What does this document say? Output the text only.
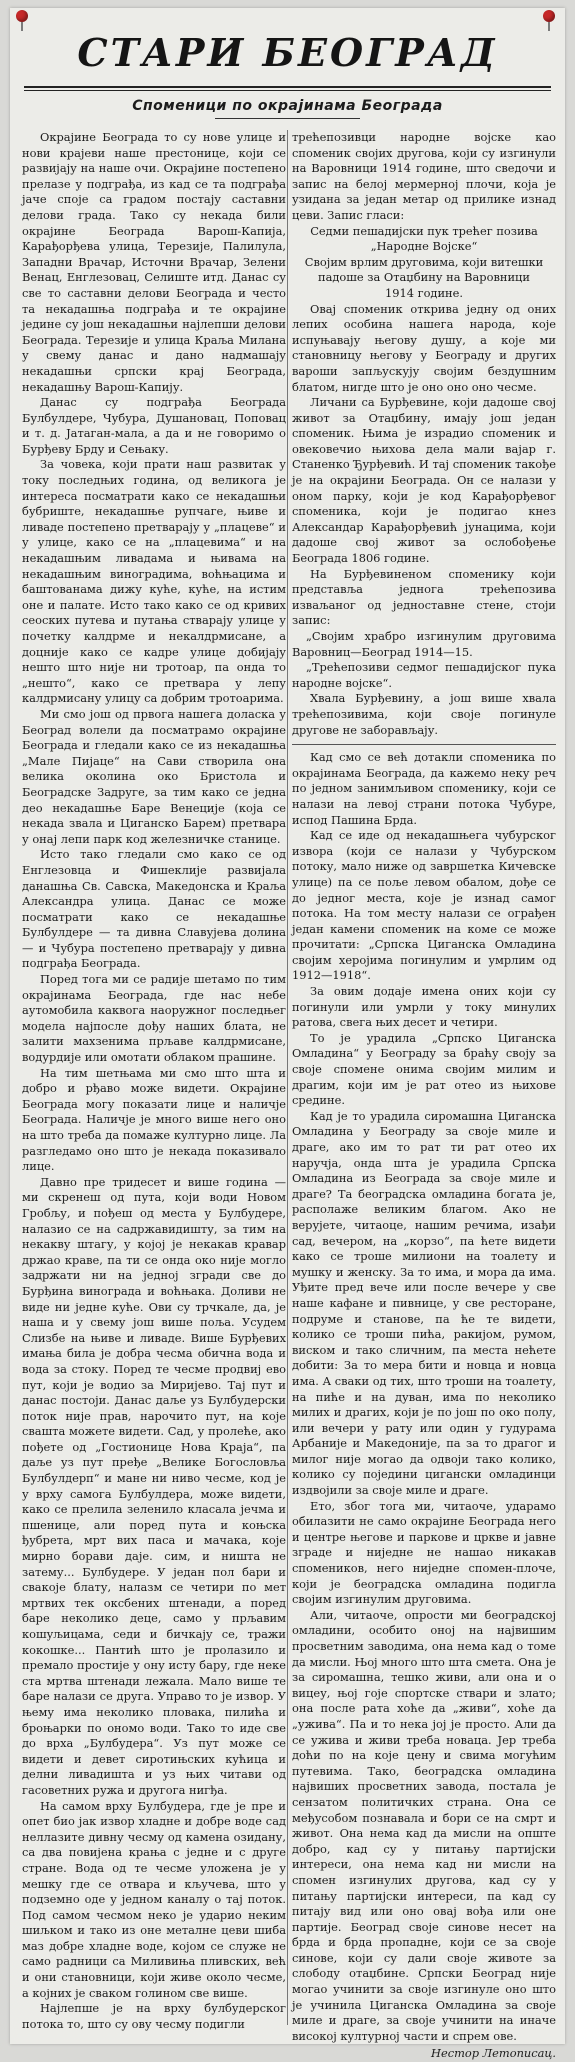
СТАРИ БЕОГРАД
Споменици по окрајинама Београда

Окрајине Београда то су нове улице и нови крајеви наше престонице, који се развијају на наше очи. Окрајине постепено прелазе у подграђа, из кад се та подграђа јаче споје са градом постају саставни делови града. Тако су некада били окрајине Београда Варош-Капија, Карађорђева улица, Терезије, Палилула, Западни Врачар, Источни Врачар, Зелени Венац, Енглезовац, Селиште итд. Данас су све то саставни делови Београда и често та некадашња подграђа и те окрајине једине су још некадашњи најлепши делови Београда. Терезије и улица Краља Милана у свему данас и дано надмашају некадашњи српски крај Београда, некадашњу Варош-Капију.

Данас су подграђа Београда Булбулдере, Чубура, Душановац, Поповац и т. д. Јатаган-мала, а да и не говоримо о Бурђеву Брду и Сењаку.

За човека, који прати наш развитак у току последњих година, од великога је интереса посматрати како се некадашњи бубриште, некадашње рупчаге, њиве и ливаде постепено претварају у „плацеве“ и у улице, како се на „плацевима“ и на некадашњим ливадама и њивама на некадашњим виноградима, воћњацима и баштованама дижу куће, куће, на истим оне и палате. Исто тако како се од кривих сеоских путева и путања стварају улице у почетку калдрме и некалдрмисане, а доцније како се кадре улице добијају нешто што није ни тротоар, па онда то „нешто“, како се претвара у лепу калдрмисану улицу са добрим тротоарима.

Ми смо још од првога нашега доласка у Београд волели да посматрамо окрајине Београда и гледали како се из некадашња „Мале Пијаце“ на Сави створила она велика околина око Бристола и Београдске Задруге, за тим како се једна део некадашње Баре Венеције (која се некада звала и Циганско Барем) претвара у онај лепи парк код железничке станице.

Исто тако гледали смо како се од Енглезовца и Фишеклије развијала данашња Св. Савска, Македонска и Краља Александра улица. Данас се може посматрати како се некадашње Булбулдере — та дивна Славујева долина — и Чубура постепено претварају у дивна подграђа Београда.

Поред тога ми се радије шетамо по тим окрајинама Београда, где нас небе аутомобила каквога наоружног последњег модела најпосле дођу наших блата, не залити махзенима прљаве калдрмисане, водурдије или омотати облаком прашине.

На тим шетњама ми смо што шта и добро и рђаво може видети. Окрајине Београда могу показати лице и наличје Београда. Наличје је много више него оно на што треба да помаже културно лице. Ла разгледамо оно што је некада показивало лице.

Давно пре тридесет и више година — ми скренеш од пута, који води Новом Гробљу, и пођеш од места у Булбудере, налазио се на садржавидишту, за тим на некакву штагу, у којој је некакав кравар држао краве, па ти се онда око није могло задржати ни на једној згради све до Бурђина винограда и воћњака. Доливи не виде ни једне куће. Ови су трчкале, да, је наша и у свему још више поља. Усудем Слизбе на њиве и ливаде. Више Бурђевих имања била је добра чесма обична вода и вода за стоку. Поред те чесме продвиј ево пут, који је водио за Миријево. Тај пут и данас постоји. Данас даље уз Булбудерски поток није прав, нарочито пут, на које свашта можете видети. Сад, у пролеће, ако пођете од „Гостионице Нова Краја“, па даље уз пут пређе „Велике Богословља Булбулдерп“ и мане ни ниво чесме, код је у врху самога Булбулдера, може видети, како се прелила зеленило класала јечма и пшенице, али поред пута и коњска ђубрета, мрт вих паса и мачака, које мирно борави даје. сим, и ништа не затему... Булбудере. У један пол бари и свакоје блату, налазм сe четири по мет мртвих тек оксбених штенади, а поред баре некoлико дeце, само у прљавим кошуљицама, седи и бичкају се, тражи кокошке... Пантић што је пролазило и премало простије у ону исту бару, где неке ста мртва штенади лежала. Мало више те баре налази се друга. Управо то је извор. У њему има неколико пловака, пилића и броњарки по ономо води. Тако то иде све до врха „Булбудера“. Уз пут може се видети и девет сиротињских кућица и делни ливадишта и уз њих читави од гасоветних ружа и другога нигђа.

На самом врху Булбудера, где је пре и опет био јак извор хладне и добре воде сад неллазите дивну чесму од камена озидану, са два повијена крања с једне и с друге стране. Вода од те чесме уложена је у мешку где се отвара и кључева, што у подземно оде у једном каналу о тај поток. Под самом чесмом неко је ударио неким шиљком и тако из оне металне цеви шиба маз добре хладне воде, којом се служе не само радници са Миливиња пливских, већ и они становници, који живе около чесме, а којних је сваком голином све више.

Најлепше је на врху булбудерског потока то, што су ову чесму подигли

трећепозивци народне војске као споменик својих другова, који су изгинули на Варовници 1914 године, што сведочи и запис на белој мермерној плочи, која је узидана за један метар од прилике изнад цеви. Запис гласи:

Седми пешадијски пук трећег позива

„Народне Војске“

Својим врлим друговима, који витешки

падоше за Отаџбину на Варовници

1914 године.

Овај споменик открива једну од оних лепих особина нашега народа, које испуњавају његову душу, а које ми становницу његову у Београду и других вароши запљускују својим бездушним блатом, нигде што је оно оно оно чесме.

Личани са Бурђевине, који дадоше свој живот за Отаџбину, имају још један споменик. Њима је израдио споменик и овековечио њихова дела мали вајар г. Станенко Ђурђевић. И тај споменик такође је на окрајини Београда. Он се налази у оном парку, који је код Карађорђевог споменика, који је подигао кнез Александар Карађорђевић јунацима, који дадоше свој живот за ослобођење Београда 1806 године.

На Бурђевиненом споменику који представља једнога трећепозива изваљаног од једноставне стене, стоји запис:

„Својим храбро изгинулим друговима Варовниц—Београд 1914—15.

„Трећепозиви седмог пешадијског пука народне војске“.

Хвала Бурђевину, а још више хвала трећепозивима, који своје погинуле другове не заборављају.

Кад смо се већ дотакли споменика по окрајинама Београда, да кажемо неку реч по једном занимљивом споменику, који се налази на левој страни потока Чубуре, испод Пашина Брда.

Кад се иде од некадашњега чубурског извора (који се налази у Чубурском потоку, мало ниже од завршетка Кичевске улице) па се поље левом обалом, дође се до једног места, које је изнад самог потока. На том месту налази се ограђен један камени споменик на коме се може прочитати: „Српска Циганска Омладина својим херојима погинулим и умрлим од 1912—1918“.

За овим додаје имена оних који су погинули или умрли у току минулих ратова, свега њих десет и четири.

То је урадила „Српско Циганска Омладина“ у Београду за браћу своју за своје споменe онима својим милим и драгим, који им је рат отео из њихове средине.

Кад је то урадила сиромашна Циганска Омладина у Београду за своје миле и драге, ако им то рат ти рат отео их наручја, онда шта је урадила Српска Омладина из Београда за своје миле и драге? Та београдска омладина богата је, располаже великим благом. Ако не верујете, читаоце, нашим речима, изађи сад, вечером, на „корзо“, па ћете видети како се троше милиони на тоалету и мушку и женску. За то има, и мора да има. Уђите пред вече или после вечере у све наше кафане и пивнице, у све ресторане, подруме и станове, па ће те видети, колико се троши пића, ракијом, румом, виском и тако сличним, па места нећете добити: За то мера бити и новца и новца има. А сваки од тих, што троши на тоалету, на пиће и на дуван, има по неколико милих и драгих, који је по још по око полу, или вечери у рату или один у гудурама Арбаније и Македоније, па за то драгог и милог није могао да одвоји тако колико, колико су поједини цигански омладинци издвојили за своје миле и драге.

Ето, због тога ми, читаоче, ударамо обилазити не само окрајине Београда него и центре његове и паркове и цркве и јавне зграде и ниједне не нашао никакав спомеников, него ниједне спомен-плоче, који је београдска омладина подигла својим изгинулим друговима.

Али, читаоче, опрости ми београдској омладини, особито оној на највишим просветним заводима, она нема кад о томе да мисли. Њој много што шта смета. Она је за сиромашна, тешко живи, али она и о вицеу, њој гоје спортске ствари и злато; она после рата хоће да „живи“, хоће да „ужива“. Па и то нека јој је просто. Али да се ужива и живи треба новаца. Јер треба доћи по на које цену и свима могућим путевима. Тако, београдска омладина највиших просветних завода, постала је сензатом политичких страна. Она се међусобом познавала и бори се на смрт и живот. Она нема кад да мисли на опште добро, кад су у питању партијски интереси, она нема кад ни мисли на спомен изгинулих другова, кад су у питању партијски интереси, па кад су питају вид или оно овај вођа или оне партије. Београд своје синове несет на брда и брда пропадне, који се за своје синове, који су дали своје животе за слободу отаџбине. Српски Београд није могао учинити за своје изгинуле оно што је учинила Циганска Омладина за своје миле и драге, за своје учинити на иначе високој културној части и спрем ове.

Нестор Летописац.
